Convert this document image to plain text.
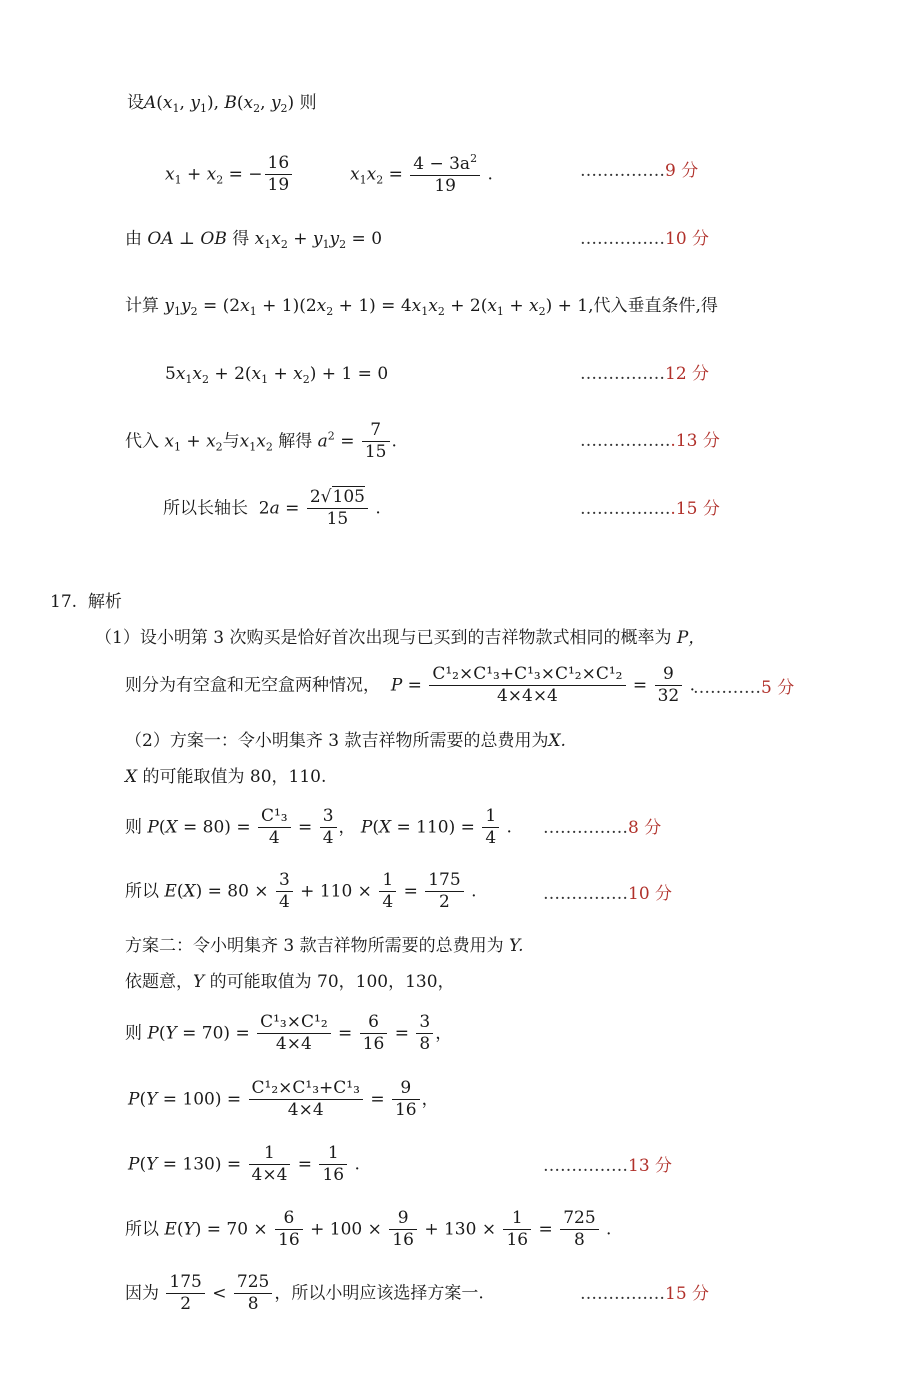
设$A(x_1$, $y_1$), $B(x_2$, $y_2$) 则
$x_1 + x_2$ = − $\frac{16}{19}$	$x_1x_2 = \frac{4 - 3a^2}{19}$ .	……………9 分
由 OA ⊥ OB 得 $x_1x_2 + y_1y_2 = 0$	……………10 分
计算 $y_1y_2 = (2x_1 + 1)(2x_2 + 1) = 4x_1x_2 + 2(x_1 + x_2) + 1$,代入垂直条件,得
$5x_1x_2 + 2(x_1 + x_2) + 1 = 0$	……………12 分
代入 $x_1 + x_2$与$x_1x_2$ 解得 $a^2 = \frac{7}{15}$ .	……………..13 分
所以长轴长  $2a = \frac{2√105}{15}$ .	……………..15 分
17. 解析
（1）设小明第 3 次购买是恰好首次出现与已买到的吉祥物款式相同的概率为 P，
则分为有空盒和无空盒两种情况， $P = \frac{\text{C¹₂×C¹₃+C¹₃×C¹₂×C¹₂}}{4\times 4\times 4} = \frac{9}{32}$ .
…………5 分
（2）方案一：令小明集齐 3 款吉祥物所需要的总费用为X.
X 的可能取值为 80，110.
则 $P(X = 80) = \frac{\text{C¹₃}}{4} = \frac{3}{4}$ ， $P(X = 110) = \frac{1}{4}$ . ……………8 分
所以 $E(X) = 80 \times \frac{3}{4} + 110 \times \frac{1}{4} = \frac{175}{2}$ .	……………10 分
方案二：令小明集齐 3 款吉祥物所需要的总费用为 Y.
依题意，Y 的可能取值为 70，100，130，
则 $P(Y = 70) = \frac{\text{C¹₃×C¹₂}}{4\times 4} = \frac{6}{16} = \frac{3}{8}$ ，
$P(Y = 100) = \frac{\text{C¹₂×C¹₃+C¹₃}}{4\times 4} = \frac{9}{16}$ ，
$P(Y = 130) = \frac{1}{4\times 4} = \frac{1}{16}$ .	……………13 分
所以 $E(Y) = 70 \times \frac{6}{16} + 100 \times \frac{9}{16} + 130 \times \frac{1}{16} = \frac{725}{8}$ .
因为 $\frac{175}{2} < \frac{725}{8}$ ，所以小明应该选择方案一.	……………15 分
